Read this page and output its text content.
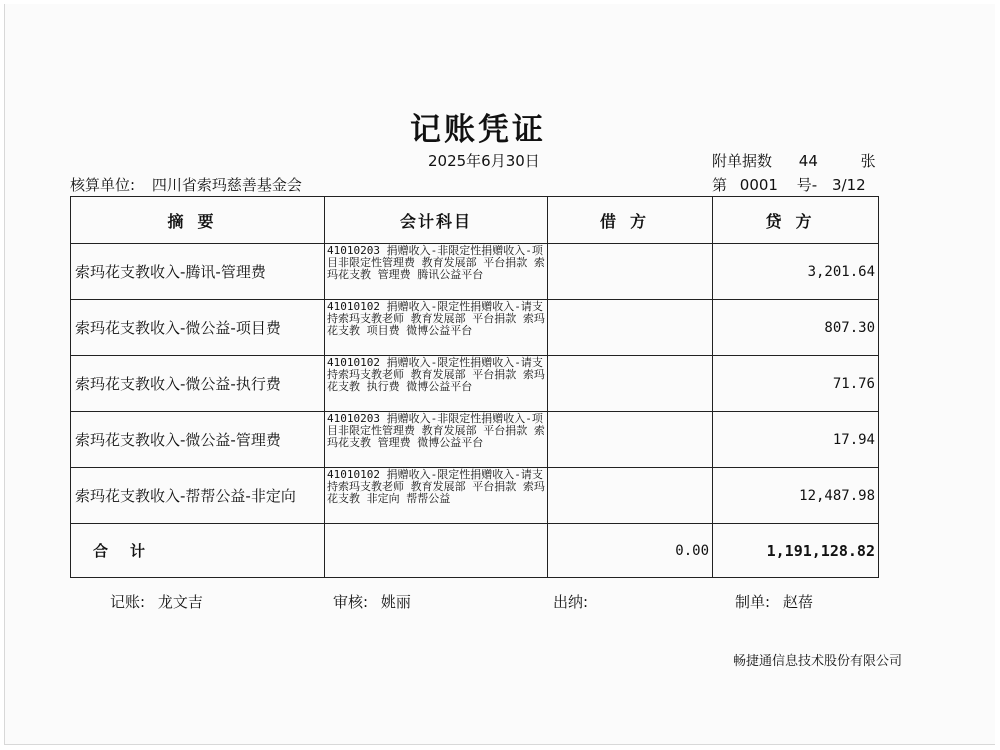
记账凭证
2025年6月30日	附单据数 44	张
核算单位: 四川省索玛慈善基金会	第 0001 号- 3/12
摘要	会计科目	借方	贷方
索玛花支教收入-腾讯-管理费	41010203 捐赠收入-非限定性捐赠收入-项目非限定性管理费 教育发展部 平台捐款 索玛花支教 管理费 腾讯公益平台		3,201.64
索玛花支教收入-微公益-项目费	41010102 捐赠收入-限定性捐赠收入-请支持索玛支教老师 教育发展部 平台捐款 索玛花支教 项目费 微博公益平台		807.30
索玛花支教收入-微公益-执行费	41010102 捐赠收入-限定性捐赠收入-请支持索玛支教老师 教育发展部 平台捐款 索玛花支教 执行费 微博公益平台		71.76
索玛花支教收入-微公益-管理费	41010203 捐赠收入-非限定性捐赠收入-项目非限定性管理费 教育发展部 平台捐款 索玛花支教 管理费 微博公益平台		17.94
索玛花支教收入-帮帮公益-非定向	41010102 捐赠收入-限定性捐赠收入-请支持索玛支教老师 教育发展部 平台捐款 索玛花支教 非定向 帮帮公益		12,487.98
合计		0.00	1,191,128.82
记账: 龙文吉	审核: 姚丽	出纳:	制单: 赵蓓
畅捷通信息技术股份有限公司
